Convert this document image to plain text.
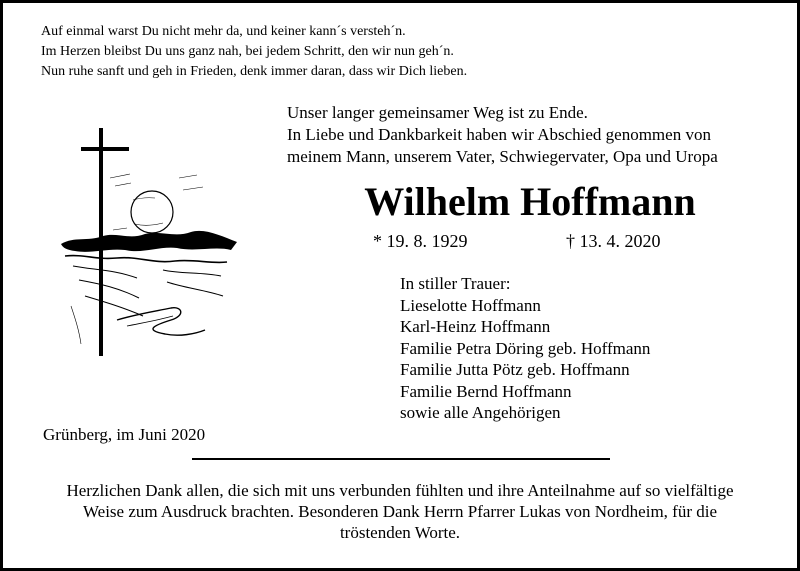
Auf einmal warst Du nicht mehr da, und keiner kann´s versteh´n.
Im Herzen bleibst Du uns ganz nah, bei jedem Schritt, den wir nun geh´n.
Nun ruhe sanft und geh in Frieden, denk immer daran, dass wir Dich lieben.
Unser langer gemeinsamer Weg ist zu Ende.
In Liebe und Dankbarkeit haben wir Abschied genommen von
meinem Mann, unserem Vater, Schwiegervater, Opa und Uropa
Wilhelm Hoffmann
* 19. 8. 1929	† 13. 4. 2020
In stiller Trauer:
Lieselotte Hoffmann
Karl-Heinz Hoffmann
Familie Petra Döring geb. Hoffmann
Familie Jutta Pötz geb. Hoffmann
Familie Bernd Hoffmann
sowie alle Angehörigen
Grünberg, im Juni 2020
Herzlichen Dank allen, die sich mit uns verbunden fühlten und ihre Anteilnahme auf so vielfältige
Weise zum Ausdruck brachten. Besonderen Dank Herrn Pfarrer Lukas von Nordheim, für die
tröstenden Worte.
